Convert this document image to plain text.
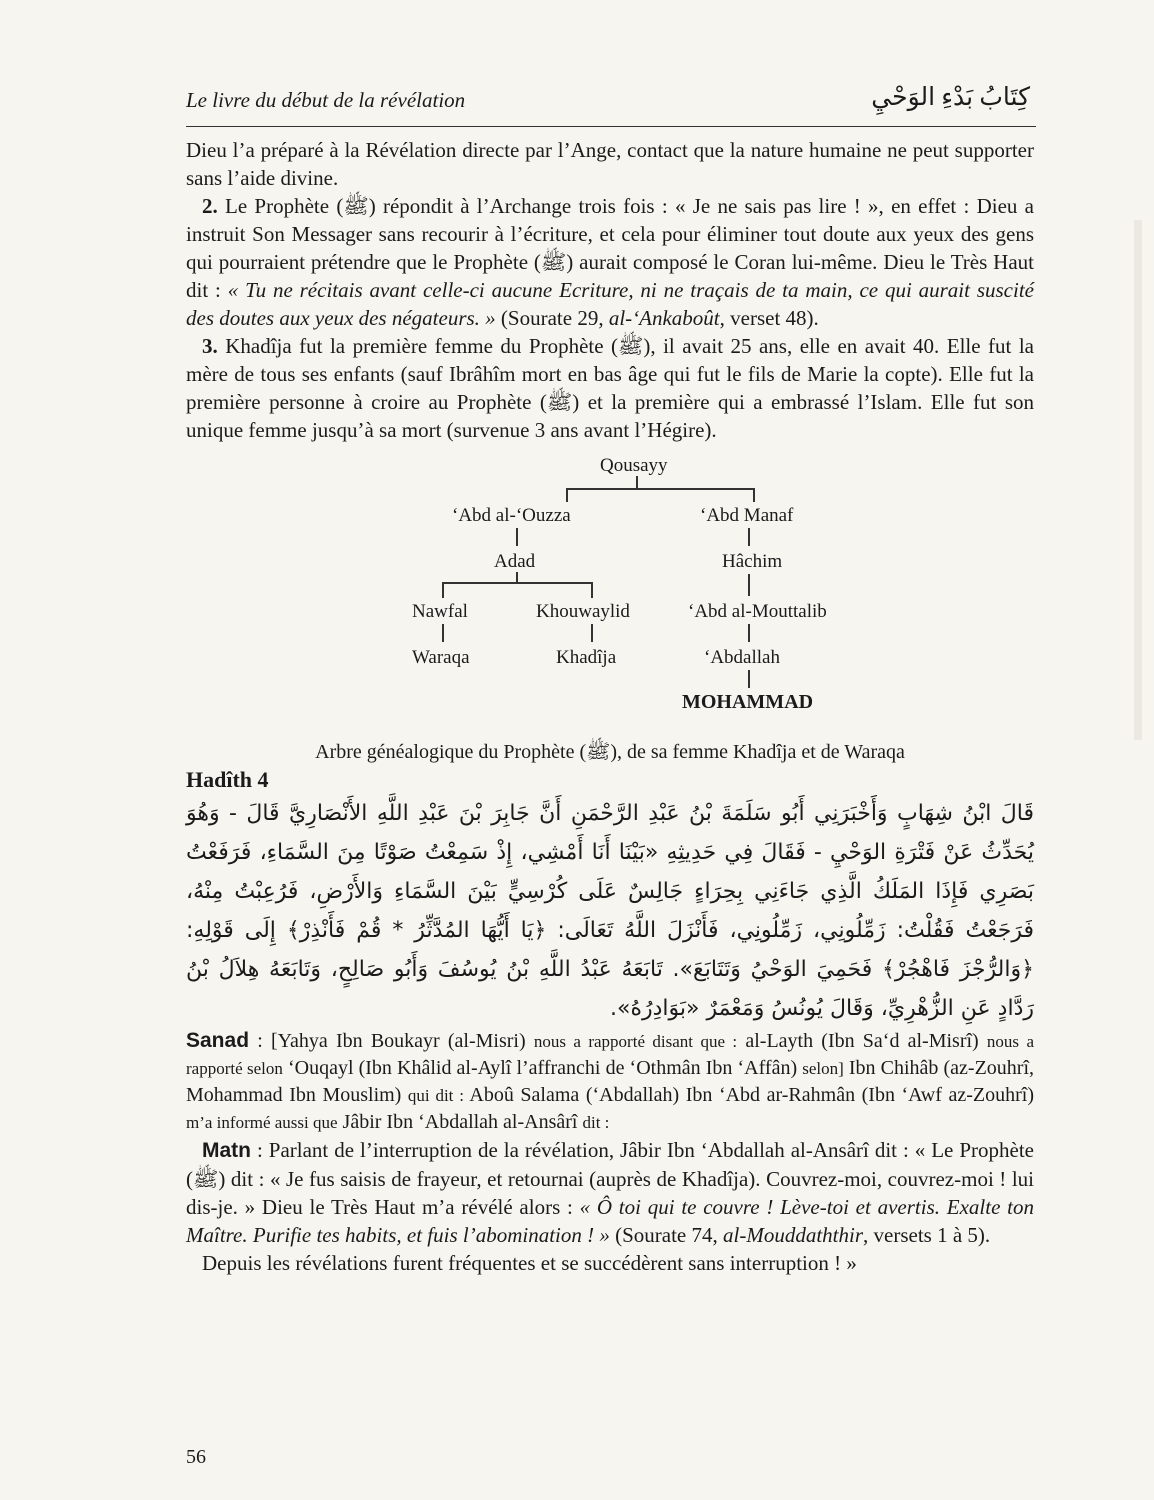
Le livre du début de la révélation	كِتَابُ بَدْءِ الوَحْيِ

Dieu l’a préparé à la Révélation directe par l’Ange, contact que la nature humaine ne peut supporter sans l’aide divine.

2. Le Prophète (ﷺ) répondit à l’Archange trois fois : « Je ne sais pas lire ! », en effet : Dieu a instruit Son Messager sans recourir à l’écriture, et cela pour éliminer tout doute aux yeux des gens qui pourraient prétendre que le Prophète (ﷺ) aurait composé le Coran lui-même. Dieu le Très Haut dit : « Tu ne récitais avant celle-ci aucune Ecriture, ni ne traçais de ta main, ce qui aurait suscité des doutes aux yeux des négateurs. » (Sourate 29, al-‘Ankaboût, verset 48).

3. Khadîja fut la première femme du Prophète (ﷺ), il avait 25 ans, elle en avait 40. Elle fut la mère de tous ses enfants (sauf Ibrâhîm mort en bas âge qui fut le fils de Marie la copte). Elle fut la première personne à croire au Prophète (ﷺ) et la première qui a embrassé l’Islam. Elle fut son unique femme jusqu’à sa mort (survenue 3 ans avant l’Hégire).

Qousayy
‘Abd al-‘Ouzza	‘Abd Manaf
Adad	Hâchim
Nawfal	Khouwaylid	‘Abd al-Mouttalib
Waraqa	Khadîja	‘Abdallah
MOHAMMAD

Arbre généalogique du Prophète (ﷺ), de sa femme Khadîja et de Waraqa

Hadîth 4

قَالَ ابْنُ شِهَابٍ وَأَخْبَرَنِي أَبُو سَلَمَةَ بْنُ عَبْدِ الرَّحْمَنِ أَنَّ جَابِرَ بْنَ عَبْدِ اللَّهِ الأَنْصَارِيَّ قَالَ - وَهُوَ يُحَدِّثُ عَنْ فَتْرَةِ الوَحْيِ - فَقَالَ فِي حَدِيثِهِ «بَيْنَا أَنَا أَمْشِي، إِذْ سَمِعْتُ صَوْتًا مِنَ السَّمَاءِ، فَرَفَعْتُ بَصَرِي فَإِذَا المَلَكُ الَّذِي جَاءَنِي بِحِرَاءٍ جَالِسٌ عَلَى كُرْسِيٍّ بَيْنَ السَّمَاءِ وَالأَرْضِ، فَرُعِبْتُ مِنْهُ، فَرَجَعْتُ فَقُلْتُ: زَمِّلُونِي، زَمِّلُونِي، فَأَنْزَلَ اللَّهُ تَعَالَى: ﴿يَا أَيُّهَا المُدَّثِّرُ * قُمْ فَأَنْذِرْ﴾ إِلَى قَوْلِهِ: ﴿وَالرُّجْزَ فَاهْجُرْ﴾ فَحَمِيَ الوَحْيُ وَتَتَابَعَ». تَابَعَهُ عَبْدُ اللَّهِ بْنُ يُوسُفَ وَأَبُو صَالِحٍ، وَتَابَعَهُ هِلاَلُ بْنُ رَدَّادٍ عَنِ الزُّهْرِيِّ، وَقَالَ يُونُسُ وَمَعْمَرٌ «بَوَادِرُهُ».

Sanad : [Yahya Ibn Boukayr (al-Misri) nous a rapporté disant que : al-Layth (Ibn Sa‘d al-Misrî) nous a rapporté selon ‘Ouqayl (Ibn Khâlid al-Aylî l’affranchi de ‘Othmân Ibn ‘Affân) selon] Ibn Chihâb (az-Zouhrî, Mohammad Ibn Mouslim) qui dit : Aboû Salama (‘Abdallah) Ibn ‘Abd ar-Rahmân (Ibn ‘Awf az-Zouhrî) m’a informé aussi que Jâbir Ibn ‘Abdallah al-Ansârî dit :

Matn : Parlant de l’interruption de la révélation, Jâbir Ibn ‘Abdallah al-Ansârî dit : « Le Prophète (ﷺ) dit : « Je fus saisis de frayeur, et retournai (auprès de Khadîja). Couvrez-moi, couvrez-moi ! lui dis-je. » Dieu le Très Haut m’a révélé alors : « Ô toi qui te couvre ! Lève-toi et avertis. Exalte ton Maître. Purifie tes habits, et fuis l’abomination ! » (Sourate 74, al-Mouddaththir, versets 1 à 5).

Depuis les révélations furent fréquentes et se succédèrent sans interruption ! »

56
